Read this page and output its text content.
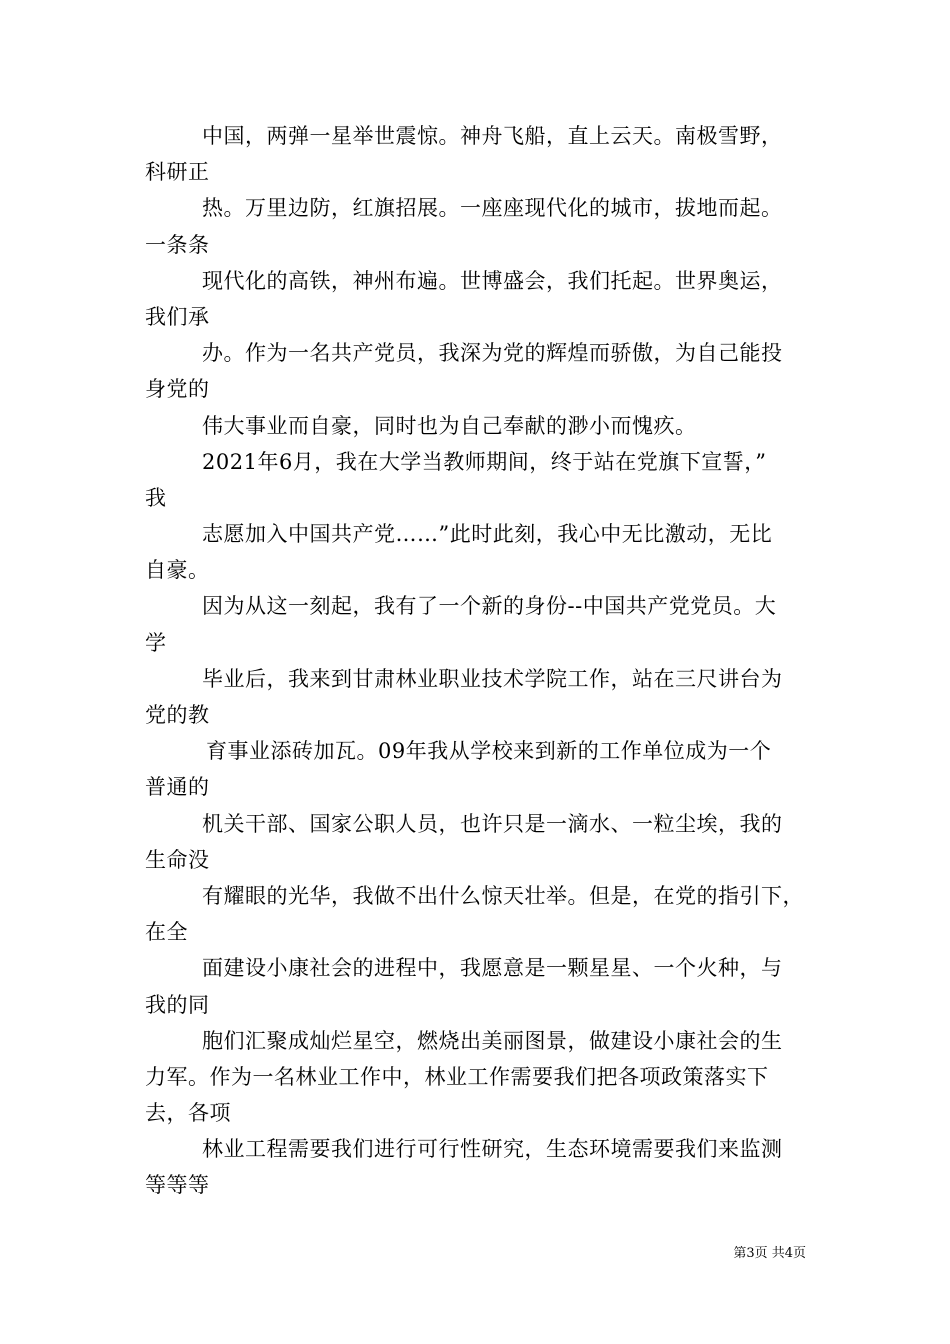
中国，两弹一星举世震惊。神舟飞船，直上云天。南极雪野，
科研正
热。万里边防，红旗招展。一座座现代化的城市，拔地而起。
一条条
现代化的高铁，神州布遍。世博盛会，我们托起。世界奥运，
我们承
办。作为一名共产党员，我深为党的辉煌而骄傲，为自己能投
身党的
伟大事业而自豪，同时也为自己奉献的渺小而愧疚。
2021年6月，我在大学当教师期间，终于站在党旗下宣誓，”
我
志愿加入中国共产党……”此时此刻，我心中无比激动，无比
自豪。
因为从这一刻起，我有了一个新的身份--中国共产党党员。大
学
毕业后，我来到甘肃林业职业技术学院工作，站在三尺讲台为
党的教
育事业添砖加瓦。09年我从学校来到新的工作单位成为一个
普通的
机关干部、国家公职人员，也许只是一滴水、一粒尘埃，我的
生命没
有耀眼的光华，我做不出什么惊天壮举。但是，在党的指引下，
在全
面建设小康社会的进程中，我愿意是一颗星星、一个火种，与
我的同
胞们汇聚成灿烂星空，燃烧出美丽图景，做建设小康社会的生
力军。作为一名林业工作中，林业工作需要我们把各项政策落实下
去，各项
林业工程需要我们进行可行性研究，生态环境需要我们来监测
等等等
第3页 共4页
